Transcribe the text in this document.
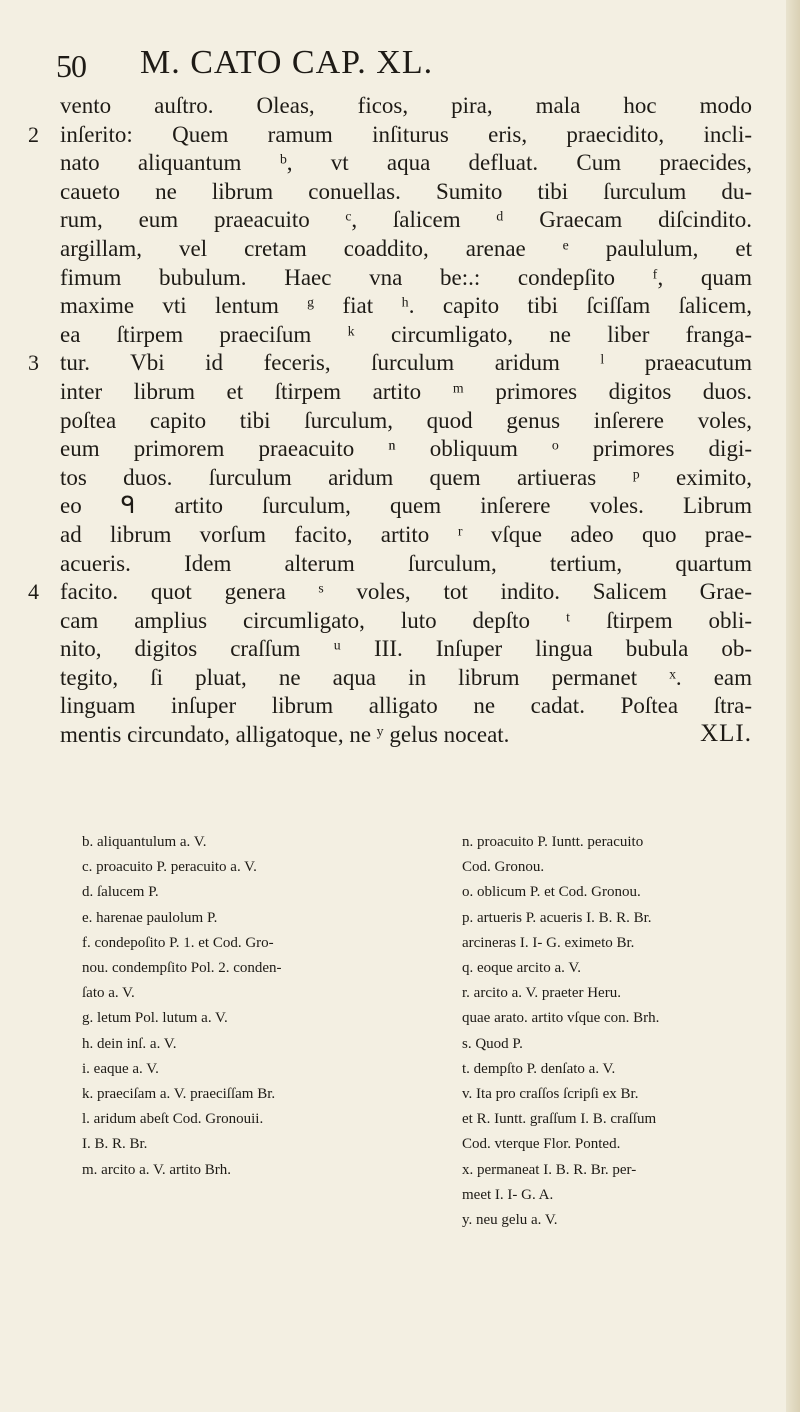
50 M. CATO CAP. XL.
vento auſtro. Oleas, ficos, pira, mala hoc modo
2 inſerito: Quem ramum inſiturus eris, praecidito, incli-
nato aliquantum ᵇ, vt aqua defluat. Cum praecides,
caueto ne librum conuellas. Sumito tibi ſurculum du-
rum, eum praeacuito ᶜ, ſalicem ᵈ Graecam diſcindito.
argillam, vel cretam coaddito, arenae ᵉ paululum, et
fimum bubulum. Haec vna be:.: condepſito ᶠ, quam
maxime vti lentum ᵍ fiat ʰ. capito tibi ſciſſam ſalicem,
ea ſtirpem praeciſum ᵏ circumligato, ne liber franga-
3 tur. Vbi id feceris, ſurculum aridum ˡ praeacutum
inter librum et ſtirpem artito ᵐ primores digitos duos.
poſtea capito tibi ſurculum, quod genus inſerere voles,
eum primorem praeacuito ⁿ obliquum ᵒ primores digi-
tos duos. ſurculum aridum quem artiueras ᵖ eximito,
eo ᑫ artito ſurculum, quem inſerere voles. Librum
ad librum vorſum facito, artito ʳ vſque adeo quo prae-
acueris. Idem alterum ſurculum, tertium, quartum
4 facito. quot genera ˢ voles, tot indito. Salicem Grae-
cam amplius circumligato, luto depſto ᵗ ſtirpem obli-
nito, digitos craſſum ᵘ III. Inſuper lingua bubula ob-
tegito, ſi pluat, ne aqua in librum permanet ˣ. eam
linguam inſuper librum alligato ne cadat. Poſtea ſtra-
mentis circundato, alligatoque, ne ʸ gelus noceat.	XLI.
b. aliquantulum a. V.
c. proacuito P. peracuito a. V.
d. ſalucem P.
e. harenae paulolum P.
f. condepoſito P. 1. et Cod. Gro-
nou. condempſito Pol. 2. conden-
ſato a. V.
g. letum Pol. lutum a. V.
h. dein inſ. a. V.
i. eaque a. V.
k. praeciſam a. V. praeciſſam Br.
l. aridum abeſt Cod. Gronouii.
I. B. R. Br.
m. arcito a. V. artito Brh.
n. proacuito P. Iuntt. peracuito
Cod. Gronou.
o. oblicum P. et Cod. Gronou.
p. artueris P. acueris I. B. R. Br.
arcineras I. I- G. eximeto Br.
q. eoque arcito a. V.
r. arcito a. V. praeter Heru.
quae arato. artito vſque con. Brh.
s. Quod P.
t. dempſto P. denſato a. V.
v. Ita pro craſſos ſcripſi ex Br.
et R. Iuntt. graſſum I. B. craſſum
Cod. vterque Flor. Ponted.
x. permaneat I. B. R. Br. per-
meet I. I- G. A.
y. neu gelu a. V.
